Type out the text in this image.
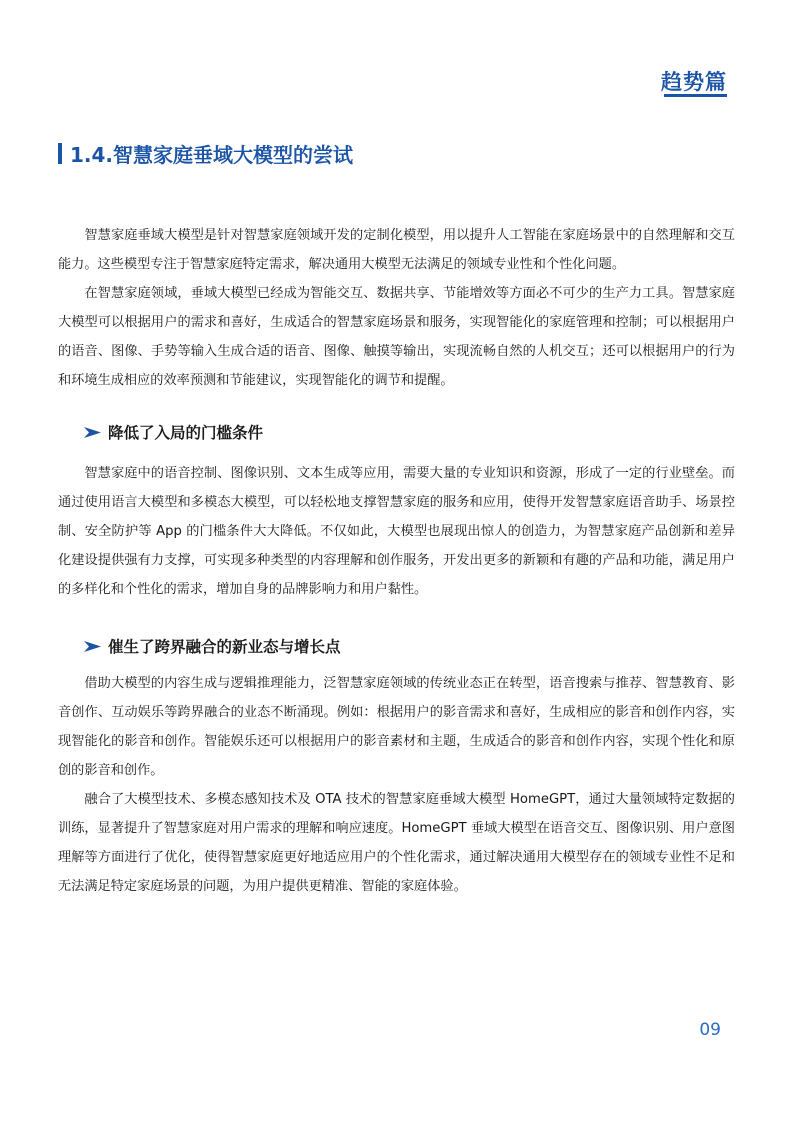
趋势篇
1.4.智慧家庭垂域大模型的尝试

智慧家庭垂域大模型是针对智慧家庭领域开发的定制化模型，用以提升人工智能在家庭场景中的自然理解和交互能力。这些模型专注于智慧家庭特定需求，解决通用大模型无法满足的领域专业性和个性化问题。

在智慧家庭领域，垂域大模型已经成为智能交互、数据共享、节能增效等方面必不可少的生产力工具。智慧家庭大模型可以根据用户的需求和喜好，生成适合的智慧家庭场景和服务，实现智能化的家庭管理和控制；可以根据用户的语音、图像、手势等输入生成合适的语音、图像、触摸等输出，实现流畅自然的人机交互；还可以根据用户的行为和环境生成相应的效率预测和节能建议，实现智能化的调节和提醒。

降低了入局的门槛条件

智慧家庭中的语音控制、图像识别、文本生成等应用，需要大量的专业知识和资源，形成了一定的行业壁垒。而通过使用语言大模型和多模态大模型，可以轻松地支撑智慧家庭的服务和应用，使得开发智慧家庭语音助手、场景控制、安全防护等 App 的门槛条件大大降低。不仅如此，大模型也展现出惊人的创造力，为智慧家庭产品创新和差异化建设提供强有力支撑，可实现多种类型的内容理解和创作服务，开发出更多的新颖和有趣的产品和功能，满足用户的多样化和个性化的需求，增加自身的品牌影响力和用户黏性。

催生了跨界融合的新业态与增长点

借助大模型的内容生成与逻辑推理能力，泛智慧家庭领域的传统业态正在转型，语音搜索与推荐、智慧教育、影音创作、互动娱乐等跨界融合的业态不断涌现。例如：根据用户的影音需求和喜好，生成相应的影音和创作内容，实现智能化的影音和创作。智能娱乐还可以根据用户的影音素材和主题，生成适合的影音和创作内容，实现个性化和原创的影音和创作。

融合了大模型技术、多模态感知技术及 OTA 技术的智慧家庭垂域大模型 HomeGPT，通过大量领域特定数据的训练，显著提升了智慧家庭对用户需求的理解和响应速度。HomeGPT 垂域大模型在语音交互、图像识别、用户意图理解等方面进行了优化，使得智慧家庭更好地适应用户的个性化需求，通过解决通用大模型存在的领域专业性不足和无法满足特定家庭场景的问题，为用户提供更精准、智能的家庭体验。

09
